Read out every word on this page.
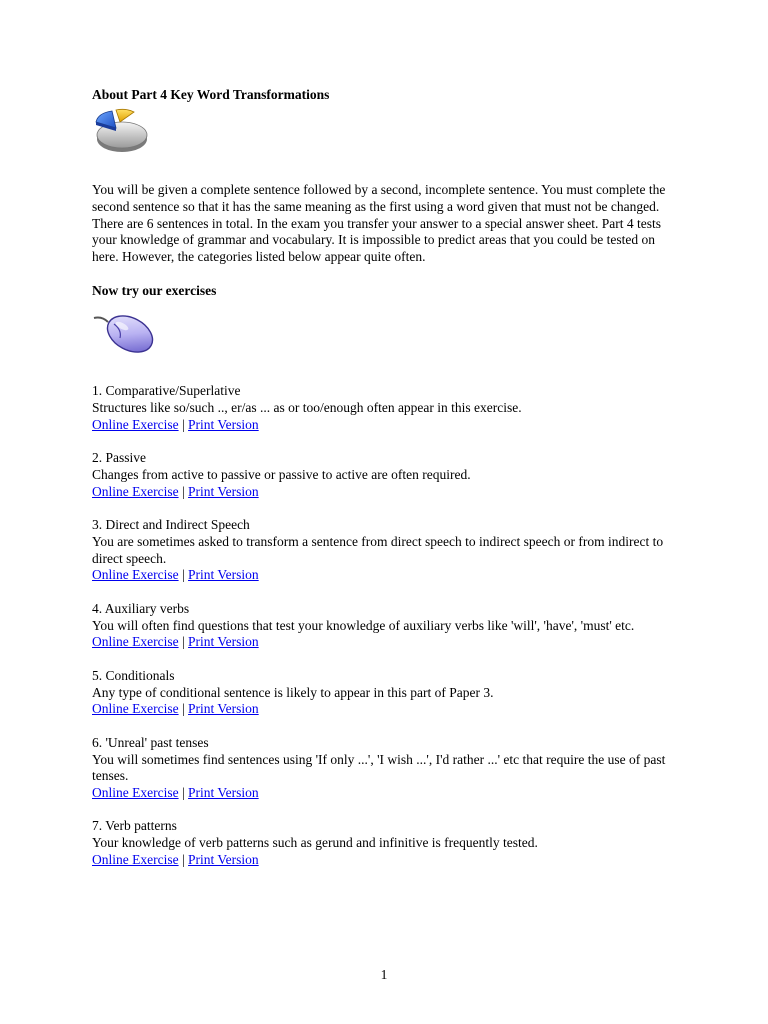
About Part 4 Key Word Transformations

You will be given a complete sentence followed by a second, incomplete sentence. You must complete the second sentence so that it has the same meaning as the first using a word given that must not be changed. There are 6 sentences in total. In the exam you transfer your answer to a special answer sheet. Part 4 tests your knowledge of grammar and vocabulary. It is impossible to predict areas that you could be tested on here. However, the categories listed below appear quite often.

Now try our exercises

1. Comparative/Superlative

Structures like so/such .., er/as ... as or too/enough often appear in this exercise.

Online Exercise | Print Version

2. Passive

Changes from active to passive or passive to active are often required.

Online Exercise | Print Version

3. Direct and Indirect Speech

You are sometimes asked to transform a sentence from direct speech to indirect speech or from indirect to direct speech.

Online Exercise | Print Version

4. Auxiliary verbs

You will often find questions that test your knowledge of auxiliary verbs like 'will', 'have', 'must' etc.

Online Exercise | Print Version

5. Conditionals

Any type of conditional sentence is likely to appear in this part of Paper 3.

Online Exercise | Print Version

6. 'Unreal' past tenses

You will sometimes find sentences using 'If only ...', 'I wish ...', I'd rather ...' etc that require the use of past tenses.

Online Exercise | Print Version

7. Verb patterns

Your knowledge of verb patterns such as gerund and infinitive is frequently tested.

Online Exercise | Print Version

1
